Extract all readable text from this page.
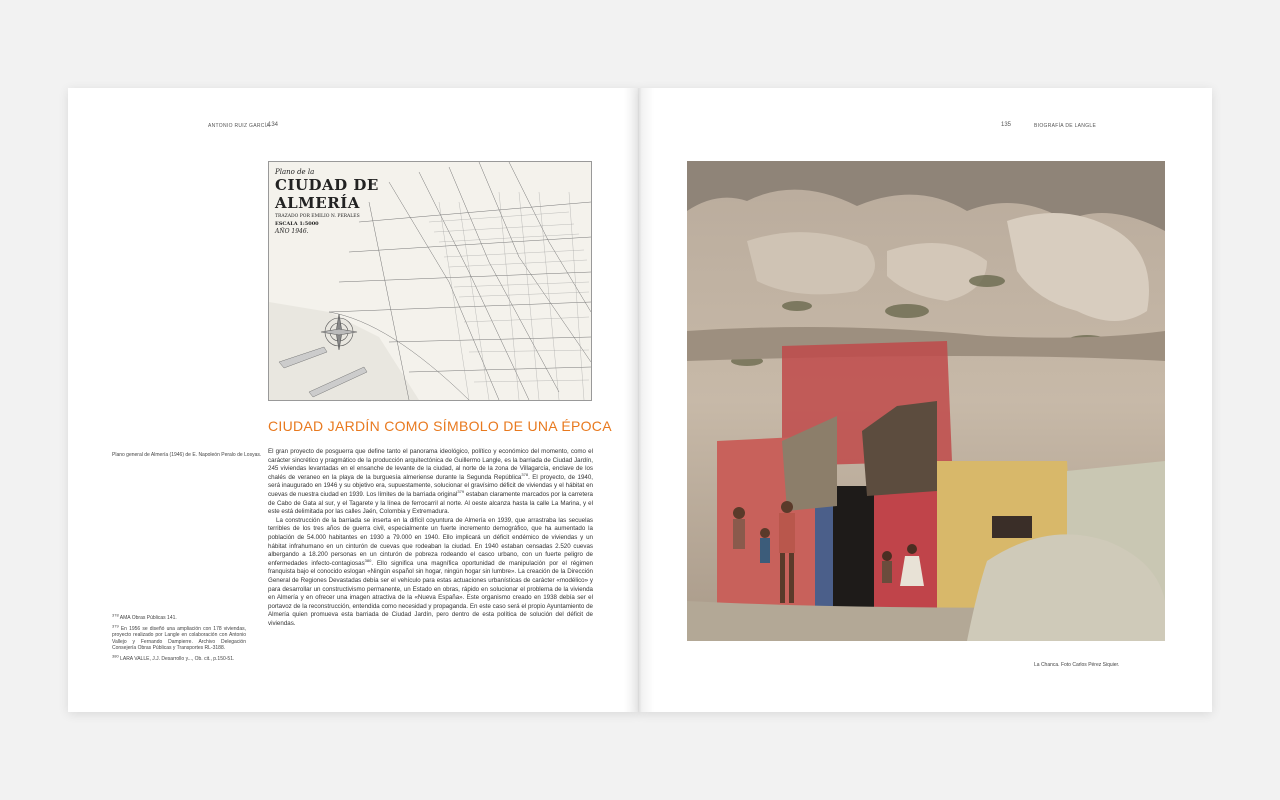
ANTONIO RUIZ GARCÍA
134
Plano de la
CIUDAD DE ALMERÍA
TRAZADO POR EMILIO N. PERALES
ESCALA 1:5000
AÑO 1946.
Plano general de Almería (1946) de E. Napoleón Peralo de Losyas.
CIUDAD JARDÍN COMO SÍMBOLO DE UNA ÉPOCA

El gran proyecto de posguerra que define tanto el panorama ideológico, político y económico del momento, como el carácter sincrético y pragmático de la producción arquitectónica de Guillermo Langle, es la barriada de Ciudad Jardín, 245 viviendas levantadas en el ensanche de levante de la ciudad, al norte de la zona de Villagarcía, enclave de los chalés de veraneo en la playa de la burguesía almeriense durante la Segunda República$^{378}$. El proyecto, de 1940, será inaugurado en 1946 y su objetivo era, supuestamente, solucionar el gravísimo déficit de viviendas y el hábitat en cuevas de nuestra ciudad en 1939. Los límites de la barriada original$^{379}$ estaban claramente marcados por la carretera de Cabo de Gata al sur, y el Tagarete y la línea de ferrocarril al norte. Al oeste alcanza hasta la calle La Marina, y el este está delimitada por las calles Jaén, Colombia y Extremadura.

La construcción de la barriada se inserta en la difícil coyuntura de Almería en 1939, que arrastraba las secuelas terribles de los tres años de guerra civil, especialmente un fuerte incremento demográfico, que ha aumentado la población de 54.000 habitantes en 1930 a 79.000 en 1940. Ello implicará un déficit endémico de viviendas y un hábitat infrahumano en un cinturón de cuevas que rodeaban la ciudad. En 1940 estaban censadas 2.520 cuevas albergando a 18.200 personas en un cinturón de pobreza rodeando el casco urbano, con un fuerte peligro de enfermedades infecto-contagiosas$^{380}$. Ello significa una magnífica oportunidad de manipulación por el régimen franquista bajo el conocido eslogan «Ningún español sin hogar, ningún hogar sin lumbre». La creación de la Dirección General de Regiones Devastadas debía ser el vehículo para estas actuaciones urbanísticas de carácter «modélico» y para desarrollar un constructivismo permanente, un Estado en obras, rápido en solucionar el problema de la vivienda en Almería y en ofrecer una imagen atractiva de la «Nueva España». Este organismo creado en 1938 debía ser el portavoz de la reconstrucción, entendida como necesidad y propaganda. En este caso será el propio Ayuntamiento de Almería quien promueva esta barriada de Ciudad Jardín, pero dentro de esta política de solución del déficit de viviendas.

$^{378}$ AMA Obras Públicas 141.
$^{379}$ En 1956 se diseñó una ampliación con 178 viviendas, proyecto realizado por Langle en colaboración con Antonio Vallejo y Fernando Dampierre. Archivo Delegación Consejería Obras Públicas y Transportes RL-3188.
$^{380}$ LARA VALLE, J.J. Desarrollo y..., Ob. cit., p.150-51.
135	BIOGRAFÍA DE LANGLE
La Chanca. Foto Carlos Pérez Siquier.
